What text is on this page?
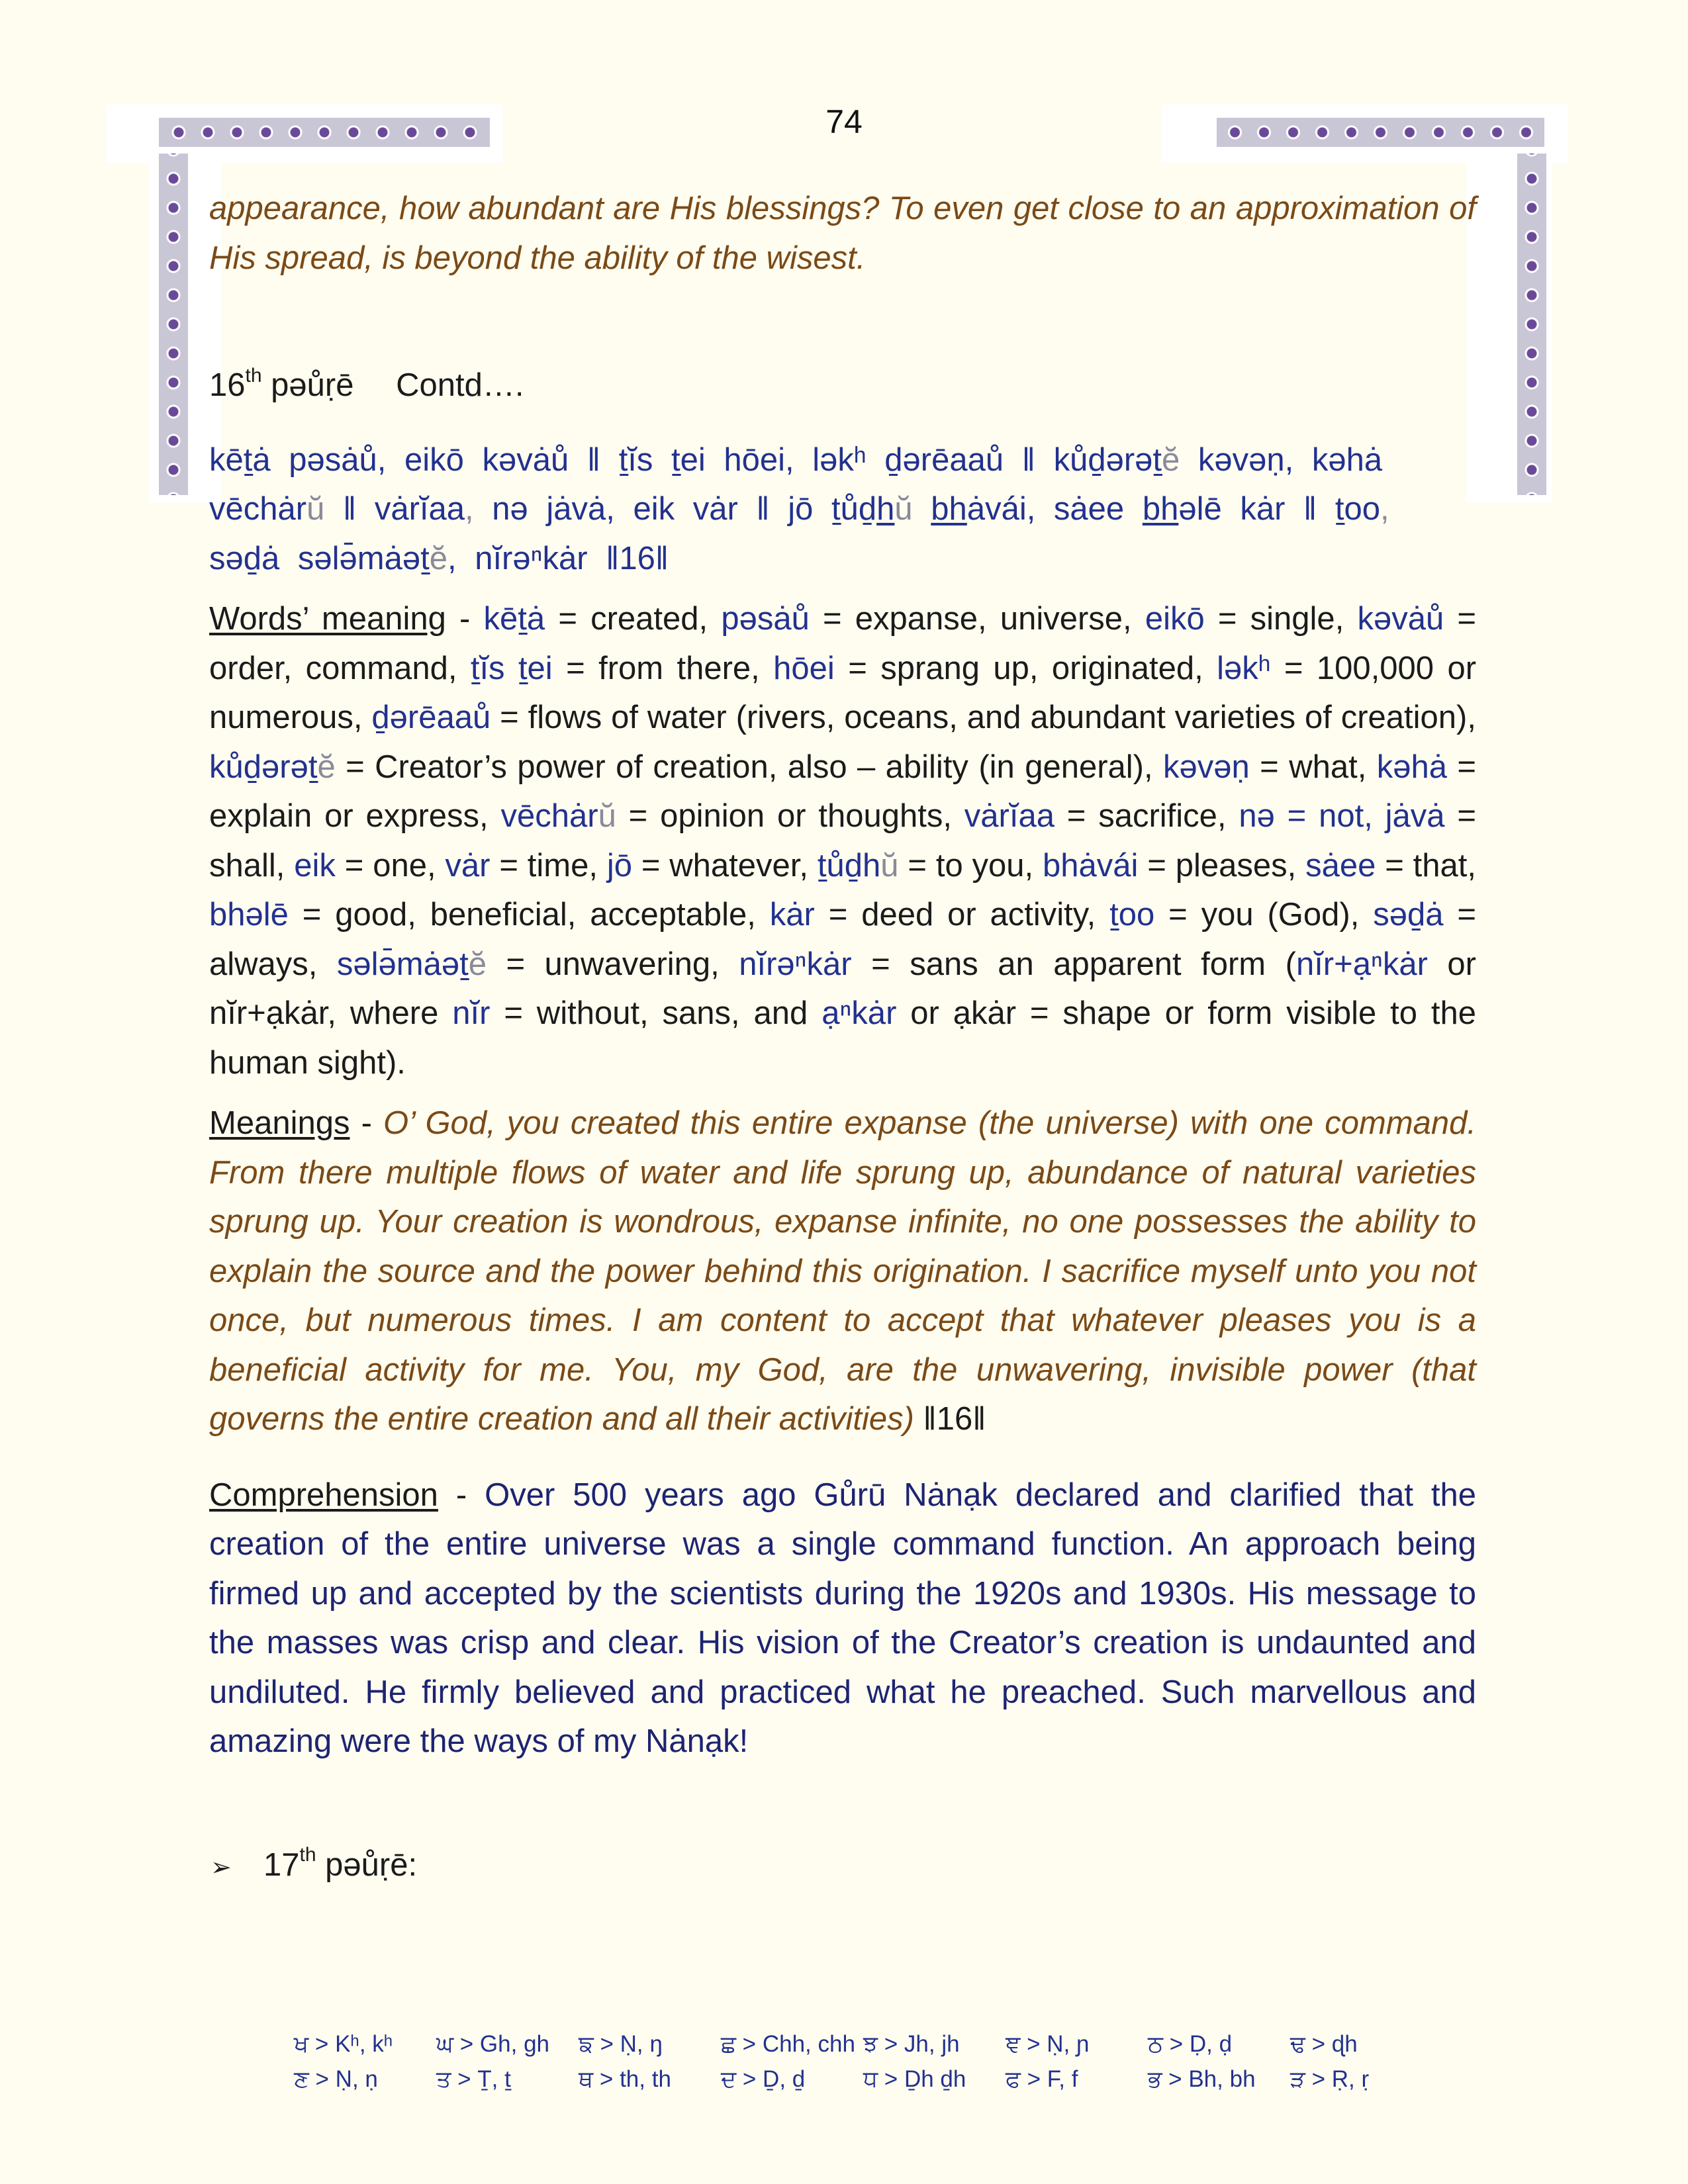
74

appearance, how abundant are His blessings? To even get close to an approximation of His spread, is beyond the ability of the wisest.

16th pəůṛē Contd….

kēṯȧ pəsȧů, eikō kəvȧů ǁ ṯĭs ṯei hōei, ləkʰ ḏərēaaů ǁ kůḏərəṯĕ kəvəṇ, kəhȧ vēchȧrŭ ǁ vȧrĭaa, nə jȧvȧ, eik vȧr ǁ jō ṯůḏhŭ bhȧvái, sȧee bhəlē kȧr ǁ ṯoo, səḏȧ sələ̄mȧəṯĕ, nĭrəⁿkȧr ǁ16ǁ

Words’ meaning - kēṯȧ = created, pəsȧů = expanse, universe, eikō = single, kəvȧů = order, command, ṯĭs ṯei = from there, hōei = sprang up, originated, ləkʰ = 100,000 or numerous, ḏərēaaů = flows of water (rivers, oceans, and abundant varieties of creation), kůḏərəṯĕ = Creator’s power of creation, also – ability (in general), kəvəṇ = what, kəhȧ = explain or express, vēchȧrŭ = opinion or thoughts, vȧrĭaa = sacrifice, nə = not, jȧvȧ = shall, eik = one, vȧr = time, jō = whatever, ṯůḏhŭ = to you, bhȧvái = pleases, sȧee = that, bhəlē = good, beneficial, acceptable, kȧr = deed or activity, ṯoo = you (God), səḏȧ = always, sələ̄mȧəṯĕ = unwavering, nĭrəⁿkȧr = sans an apparent form (nĭr+ạⁿkȧr or nĭr+ạkȧr, where nĭr = without, sans, and ạⁿkȧr or ạkȧr = shape or form visible to the human sight).

Meanings - O’ God, you created this entire expanse (the universe) with one command. From there multiple flows of water and life sprung up, abundance of natural varieties sprung up. Your creation is wondrous, expanse infinite, no one possesses the ability to explain the source and the power behind this origination. I sacrifice myself unto you not once, but numerous times. I am content to accept that whatever pleases you is a beneficial activity for me. You, my God, are the unwavering, invisible power (that governs the entire creation and all their activities) ǁ16ǁ

Comprehension - Over 500 years ago Gůrū Nȧnạk declared and clarified that the creation of the entire universe was a single command function. An approach being firmed up and accepted by the scientists during the 1920s and 1930s. His message to the masses was crisp and clear. His vision of the Creator’s creation is undaunted and undiluted. He firmly believed and practiced what he preached. Such marvellous and amazing were the ways of my Nȧnạk!

➢ 17th pəůṛē:
ਖ > Kʰ, kʰ	ਘ > Gh, gh	ਙ > Ṇ, ŋ	ਛ > Chh, chh ਝ > Jh, jh	ਞ > Ṇ, ɲ	ਠ > Ḍ, ḍ	ਢ > ɖh
ਣ > Ṇ, ṇ	ਤ > Ṯ, ṯ	ਥ > th, th	ਦ > Ḏ, ḏ	ਧ > Ḏh ḏh	ਫ > F, f	ਭ > Bh, bh	ੜ > Ṛ, ṛ
